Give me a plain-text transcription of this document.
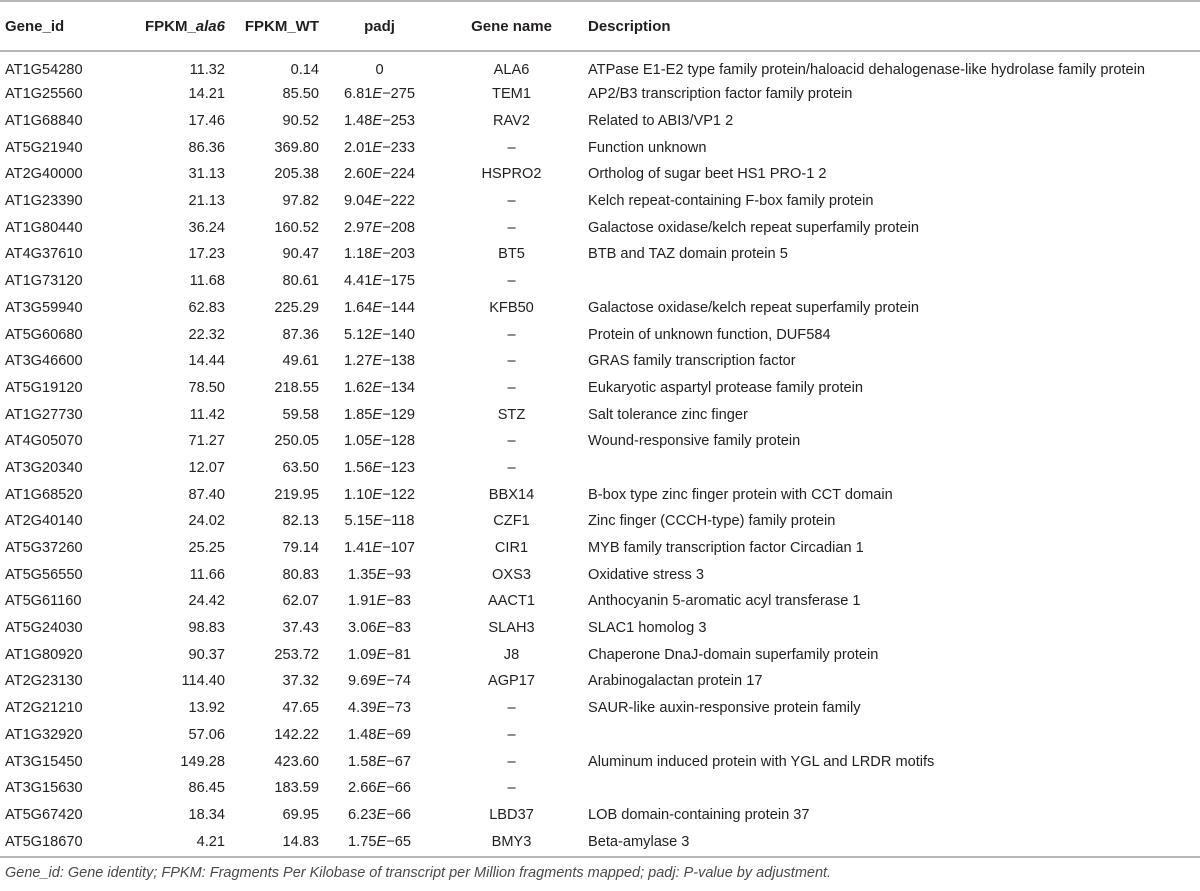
Gene_id	FPKM_ala6	FPKM_WT	padj	Gene name	Description
AT1G54280	11.32	0.14	0	ALA6	ATPase E1-E2 type family protein/haloacid dehalogenase-like hydrolase family protein
AT1G25560	14.21	85.50	6.81E−275	TEM1	AP2/B3 transcription factor family protein
AT1G68840	17.46	90.52	1.48E−253	RAV2	Related to ABI3/VP1 2
AT5G21940	86.36	369.80	2.01E−233	–	Function unknown
AT2G40000	31.13	205.38	2.60E−224	HSPRO2	Ortholog of sugar beet HS1 PRO-1 2
AT1G23390	21.13	97.82	9.04E−222	–	Kelch repeat-containing F-box family protein
AT1G80440	36.24	160.52	2.97E−208	–	Galactose oxidase/kelch repeat superfamily protein
AT4G37610	17.23	90.47	1.18E−203	BT5	BTB and TAZ domain protein 5
AT1G73120	11.68	80.61	4.41E−175	–	
AT3G59940	62.83	225.29	1.64E−144	KFB50	Galactose oxidase/kelch repeat superfamily protein
AT5G60680	22.32	87.36	5.12E−140	–	Protein of unknown function, DUF584
AT3G46600	14.44	49.61	1.27E−138	–	GRAS family transcription factor
AT5G19120	78.50	218.55	1.62E−134	–	Eukaryotic aspartyl protease family protein
AT1G27730	11.42	59.58	1.85E−129	STZ	Salt tolerance zinc finger
AT4G05070	71.27	250.05	1.05E−128	–	Wound-responsive family protein
AT3G20340	12.07	63.50	1.56E−123	–	
AT1G68520	87.40	219.95	1.10E−122	BBX14	B-box type zinc finger protein with CCT domain
AT2G40140	24.02	82.13	5.15E−118	CZF1	Zinc finger (CCCH-type) family protein
AT5G37260	25.25	79.14	1.41E−107	CIR1	MYB family transcription factor Circadian 1
AT5G56550	11.66	80.83	1.35E−93	OXS3	Oxidative stress 3
AT5G61160	24.42	62.07	1.91E−83	AACT1	Anthocyanin 5-aromatic acyl transferase 1
AT5G24030	98.83	37.43	3.06E−83	SLAH3	SLAC1 homolog 3
AT1G80920	90.37	253.72	1.09E−81	J8	Chaperone DnaJ-domain superfamily protein
AT2G23130	114.40	37.32	9.69E−74	AGP17	Arabinogalactan protein 17
AT2G21210	13.92	47.65	4.39E−73	–	SAUR-like auxin-responsive protein family
AT1G32920	57.06	142.22	1.48E−69	–	
AT3G15450	149.28	423.60	1.58E−67	–	Aluminum induced protein with YGL and LRDR motifs
AT3G15630	86.45	183.59	2.66E−66	–	
AT5G67420	18.34	69.95	6.23E−66	LBD37	LOB domain-containing protein 37
AT5G18670	4.21	14.83	1.75E−65	BMY3	Beta-amylase 3
Gene_id: Gene identity; FPKM: Fragments Per Kilobase of transcript per Million fragments mapped; padj: P-value by adjustment.
